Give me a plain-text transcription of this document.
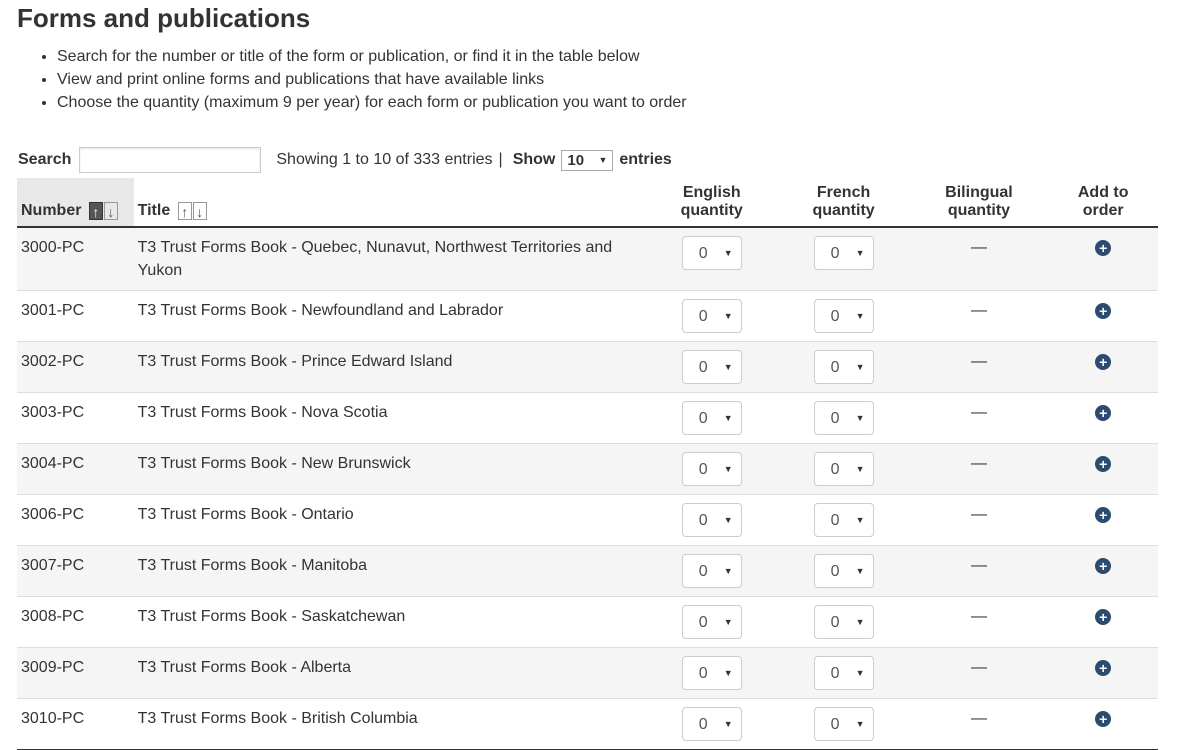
Forms and publications
• Search for the number or title of the form or publication, or find it in the table below
• View and print online forms and publications that have available links
• Choose the quantity (maximum 9 per year) for each form or publication you want to order
Search	Showing 1 to 10 of 333 entries | Show 10 ▼ entries
Number ↑ ↓	Title ↑ ↓	English
quantity	French
quantity	Bilingual
quantity	Add to
order
3000-PC	T3 Trust Forms Book - Quebec, Nunavut, Northwest Territories and Yukon	0 ▼	0 ▼	—	+
3001-PC	T3 Trust Forms Book - Newfoundland and Labrador	0 ▼	0 ▼	—	+
3002-PC	T3 Trust Forms Book - Prince Edward Island	0 ▼	0 ▼	—	+
3003-PC	T3 Trust Forms Book - Nova Scotia	0 ▼	0 ▼	—	+
3004-PC	T3 Trust Forms Book - New Brunswick	0 ▼	0 ▼	—	+
3006-PC	T3 Trust Forms Book - Ontario	0 ▼	0 ▼	—	+
3007-PC	T3 Trust Forms Book - Manitoba	0 ▼	0 ▼	—	+
3008-PC	T3 Trust Forms Book - Saskatchewan	0 ▼	0 ▼	—	+
3009-PC	T3 Trust Forms Book - Alberta	0 ▼	0 ▼	—	+
3010-PC	T3 Trust Forms Book - British Columbia	0 ▼	0 ▼	—	+
